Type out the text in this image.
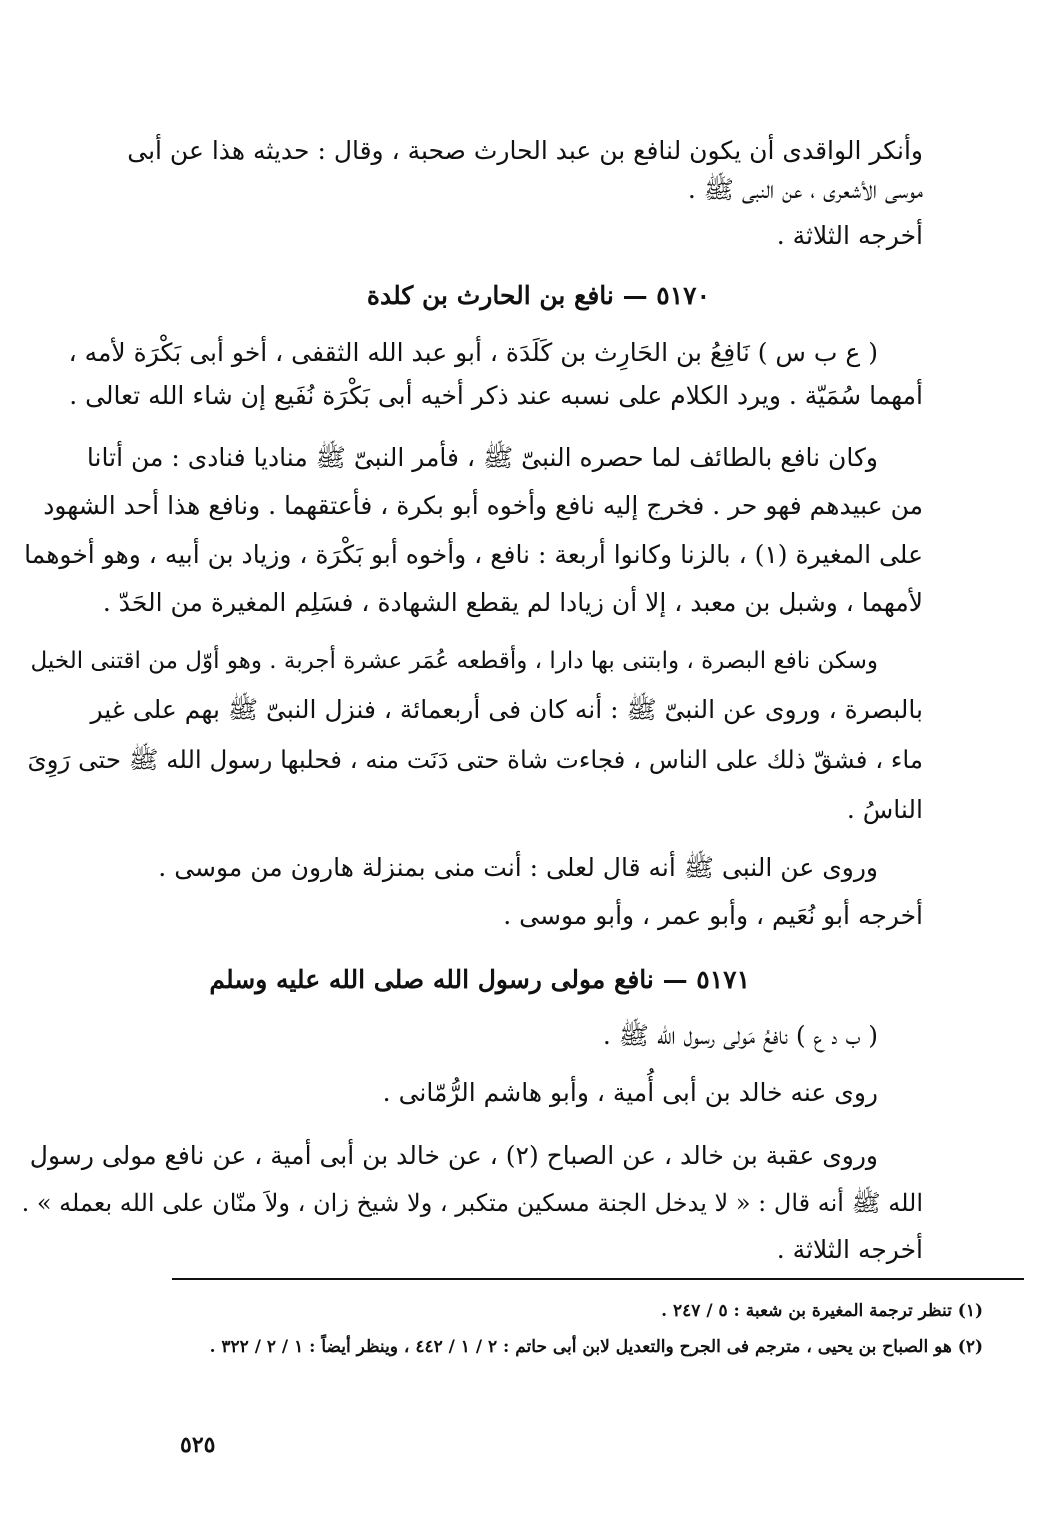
وأنكر الواقدى أن يكون لنافع بن عبد الحارث صحبة ، وقال : حديثه هذا عن أبى
موسى الأشعرى ، عن النبى ﷺ .
أخرجه الثلاثة .
٥١٧٠ — نافع بن الحارث بن كلدة
( ع ب س ) نَافِعُ بن الحَارِث بن كَلَدَة ، أبو عبد الله الثقفى ، أخو أبى بَكْرَة لأمه ،
أمهما سُمَيّة . ويرد الكلام على نسبه عند ذكر أخيه أبى بَكْرَة نُفَيع إن شاء الله تعالى .
وكان نافع بالطائف لما حصره النبىّ ﷺ ، فأمر النبىّ ﷺ مناديا فنادى : من أتانا
من عبيدهم فهو حر . فخرج إليه نافع وأخوه أبو بكرة ، فأعتقهما . ونافع هذا أحد الشهود
على المغيرة (١) ، بالزنا وكانوا أربعة : نافع ، وأخوه أبو بَكْرَة ، وزياد بن أبيه ، وهو أخوهما
لأمهما ، وشبل بن معبد ، إلا أن زيادا لم يقطع الشهادة ، فسَلِم المغيرة من الحَدّ .
وسكن نافع البصرة ، وابتنى بها دارا ، وأقطعه عُمَر عشرة أجربة . وهو أوّل من اقتنى الخيل
بالبصرة ، وروى عن النبىّ ﷺ : أنه كان فى أربعمائة ، فنزل النبىّ ﷺ بهم على غير
ماء ، فشقّ ذلك على الناس ، فجاءت شاة حتى دَنَت منه ، فحلبها رسول الله ﷺ حتى رَوِىَ
الناسُ .
وروى عن النبى ﷺ أنه قال لعلى : أنت منى بمنزلة هارون من موسى .
أخرجه أبو نُعَيم ، وأبو عمر ، وأبو موسى .
٥١٧١ — نافع مولى رسول الله صلى الله عليه وسلم
( ب د ع ) نافعُ مَولى رسول الله ﷺ .
روى عنه خالد بن أبى أُمية ، وأبو هاشم الرُّمّانى .
وروى عقبة بن خالد ، عن الصباح (٢) ، عن خالد بن أبى أمية ، عن نافع مولى رسول
الله ﷺ أنه قال : « لا يدخل الجنة مسكين متكبر ، ولا شيخ زان ، ولاَ منّان على الله بعمله » .
أخرجه الثلاثة .
(١) تنظر ترجمة المغيرة بن شعبة : ٥ / ٢٤٧ .
(٢) هو الصباح بن يحيى ، مترجم فى الجرح والتعديل لابن أبى حاتم : ٢ / ١ / ٤٤٢ ، وينظر أيضاً : ١ / ٢ / ٣٢٢ .
٥٢٥
